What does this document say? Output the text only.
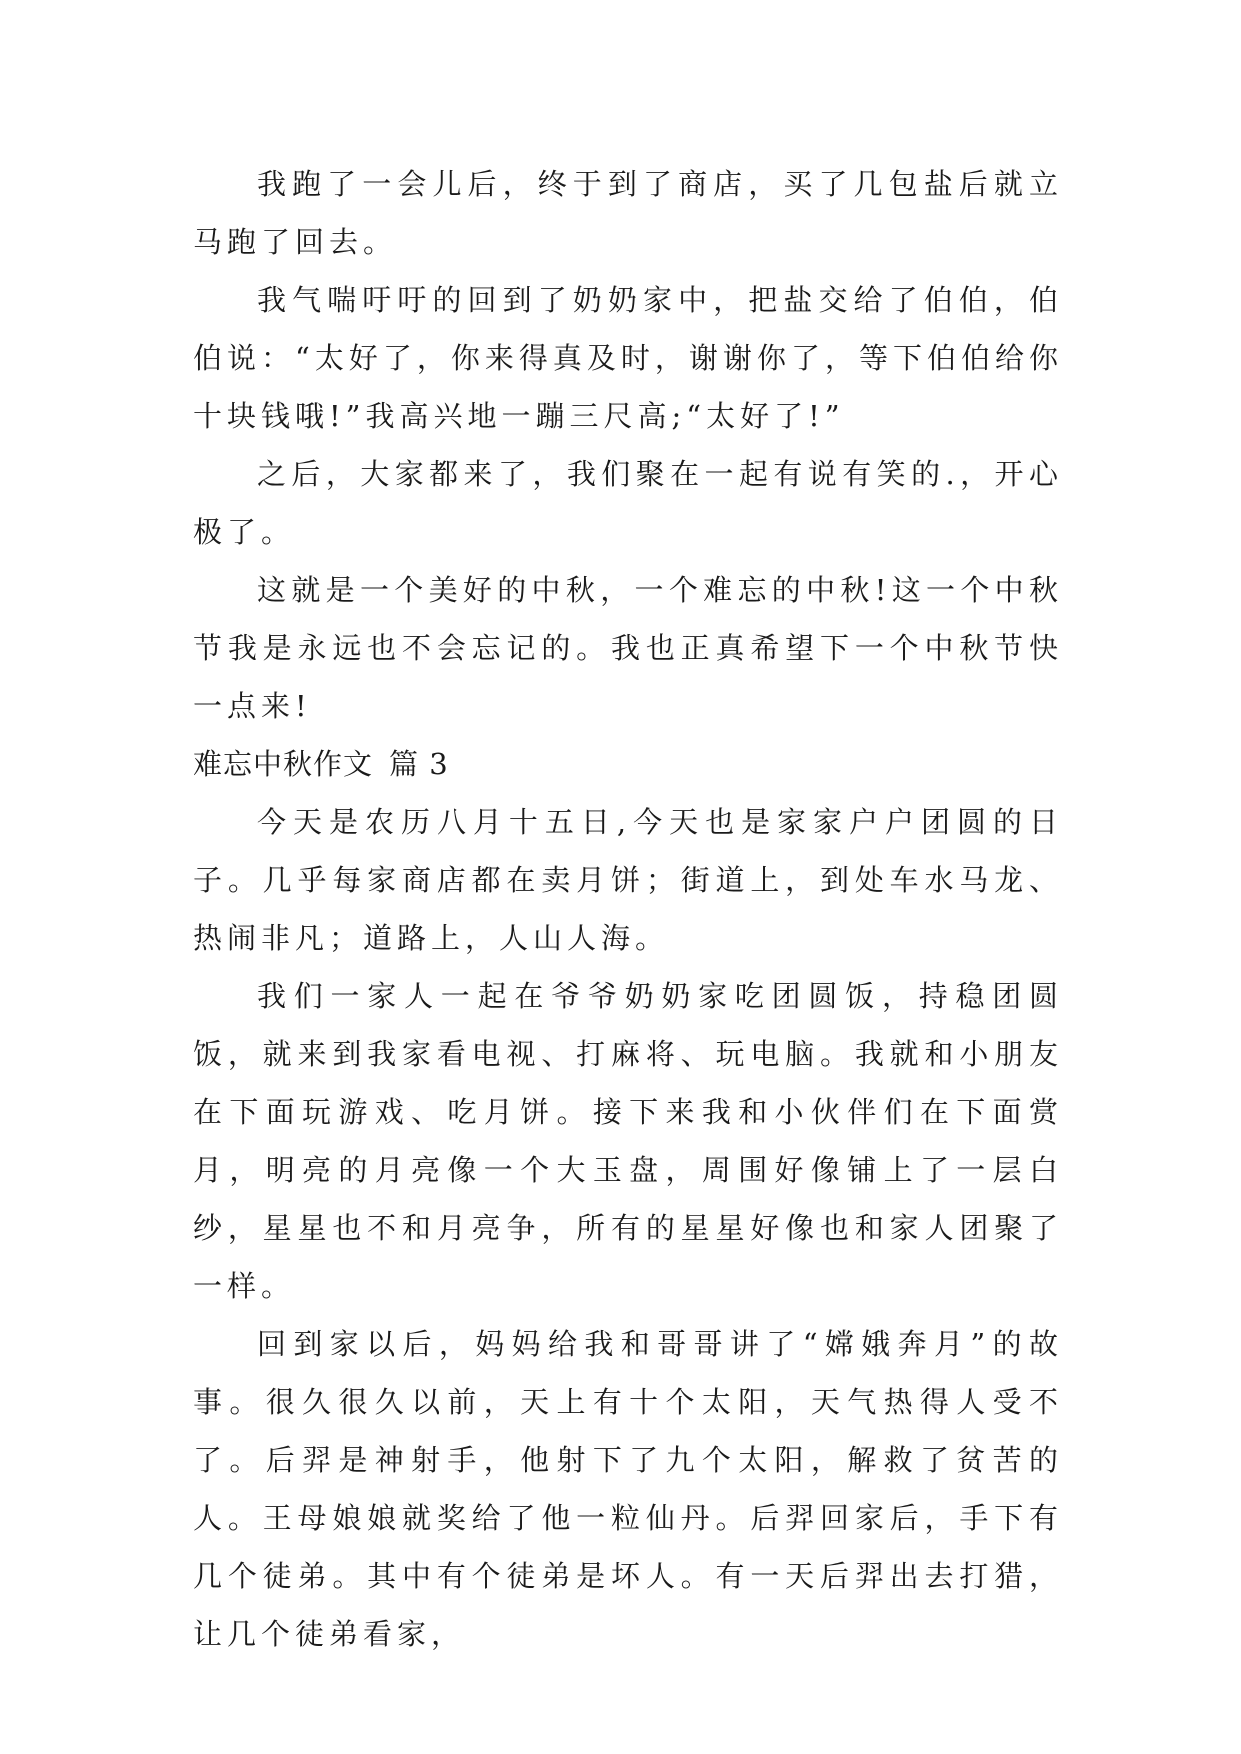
我跑了一会儿后，终于到了商店，买了几包盐后就立马跑了回去。

我气喘吁吁的回到了奶奶家中，把盐交给了伯伯，伯伯说：“太好了，你来得真及时，谢谢你了，等下伯伯给你十块钱哦!”我高兴地一蹦三尺高;“太好了!”

之后，大家都来了，我们聚在一起有说有笑的.，开心极了。

这就是一个美好的中秋，一个难忘的中秋!这一个中秋节我是永远也不会忘记的。我也正真希望下一个中秋节快一点来!

难忘中秋作文 篇 3

今天是农历八月十五日,今天也是家家户户团圆的日子。几乎每家商店都在卖月饼；街道上，到处车水马龙、热闹非凡；道路上，人山人海。

我们一家人一起在爷爷奶奶家吃团圆饭，持稳团圆饭，就来到我家看电视、打麻将、玩电脑。我就和小朋友在下面玩游戏、吃月饼。接下来我和小伙伴们在下面赏月，明亮的月亮像一个大玉盘，周围好像铺上了一层白纱，星星也不和月亮争，所有的星星好像也和家人团聚了一样。

回到家以后，妈妈给我和哥哥讲了“嫦娥奔月”的故事。很久很久以前，天上有十个太阳，天气热得人受不了。后羿是神射手，他射下了九个太阳，解救了贫苦的人。王母娘娘就奖给了他一粒仙丹。后羿回家后，手下有几个徒弟。其中有个徒弟是坏人。有一天后羿出去打猎，让几个徒弟看家，
